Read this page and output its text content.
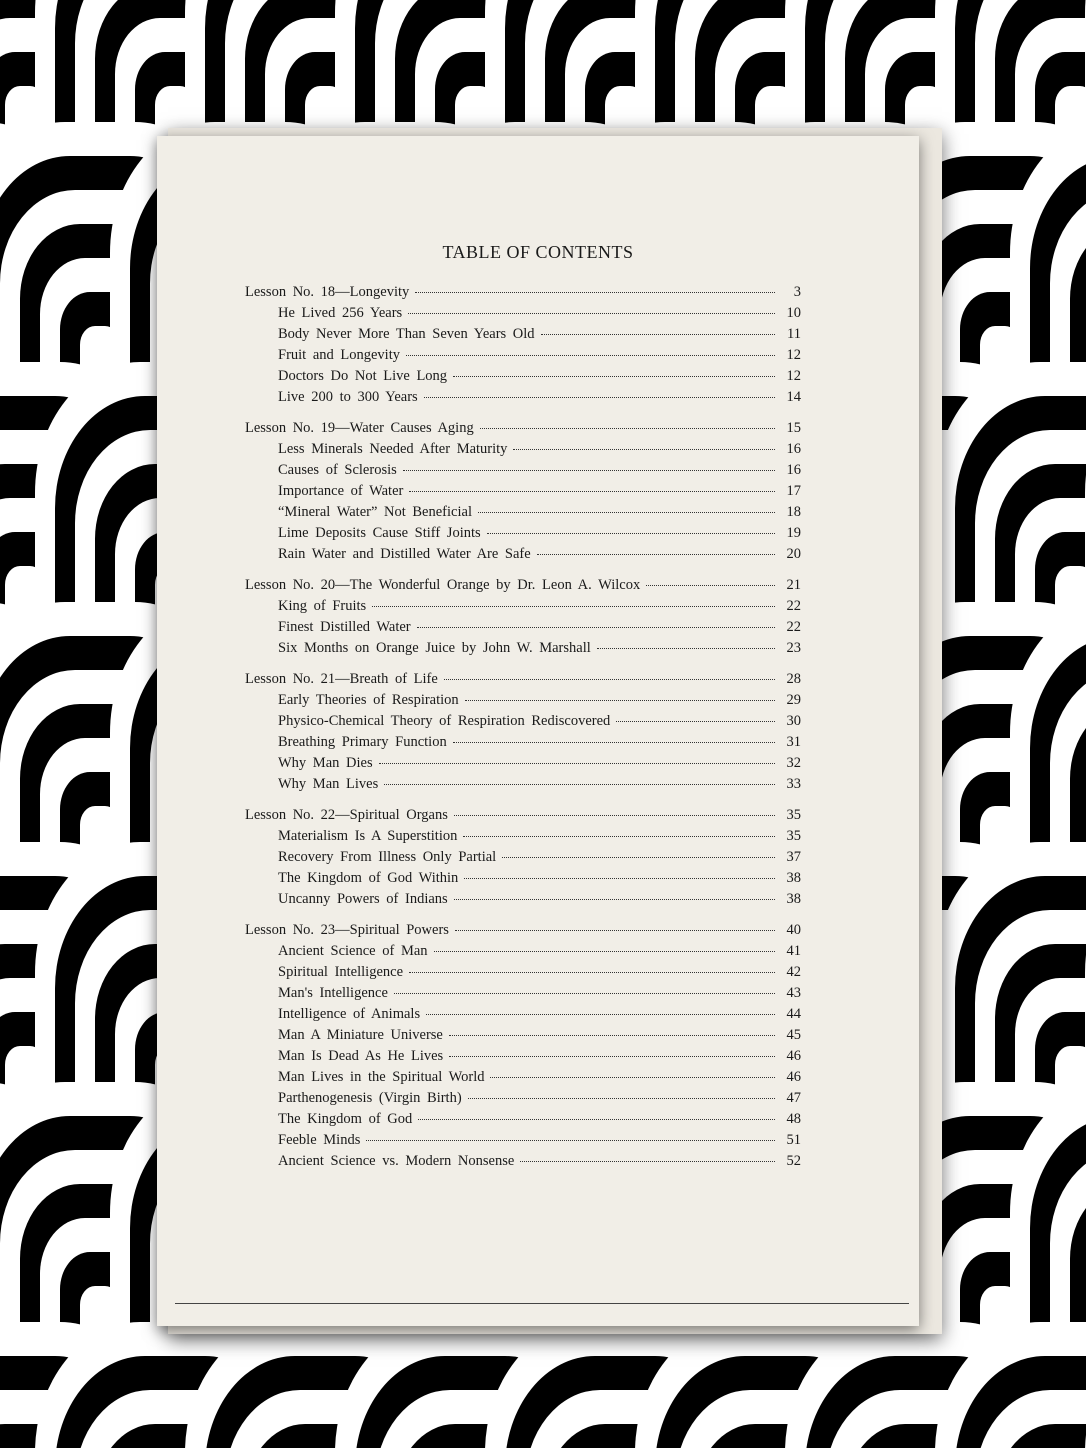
TABLE OF CONTENTS
Lesson No. 18—Longevity	3
He Lived 256 Years	10
Body Never More Than Seven Years Old	11
Fruit and Longevity	12
Doctors Do Not Live Long	12
Live 200 to 300 Years	14
Lesson No. 19—Water Causes Aging	15
Less Minerals Needed After Maturity	16
Causes of Sclerosis	16
Importance of Water	17
“Mineral Water” Not Beneficial	18
Lime Deposits Cause Stiff Joints	19
Rain Water and Distilled Water Are Safe	20
Lesson No. 20—The Wonderful Orange by Dr. Leon A. Wilcox	21
King of Fruits	22
Finest Distilled Water	22
Six Months on Orange Juice by John W. Marshall	23
Lesson No. 21—Breath of Life	28
Early Theories of Respiration	29
Physico-Chemical Theory of Respiration Rediscovered	30
Breathing Primary Function	31
Why Man Dies	32
Why Man Lives	33
Lesson No. 22—Spiritual Organs	35
Materialism Is A Superstition	35
Recovery From Illness Only Partial	37
The Kingdom of God Within	38
Uncanny Powers of Indians	38
Lesson No. 23—Spiritual Powers	40
Ancient Science of Man	41
Spiritual Intelligence	42
Man's Intelligence	43
Intelligence of Animals	44
Man A Miniature Universe	45
Man Is Dead As He Lives	46
Man Lives in the Spiritual World	46
Parthenogenesis (Virgin Birth)	47
The Kingdom of God	48
Feeble Minds	51
Ancient Science vs. Modern Nonsense	52
